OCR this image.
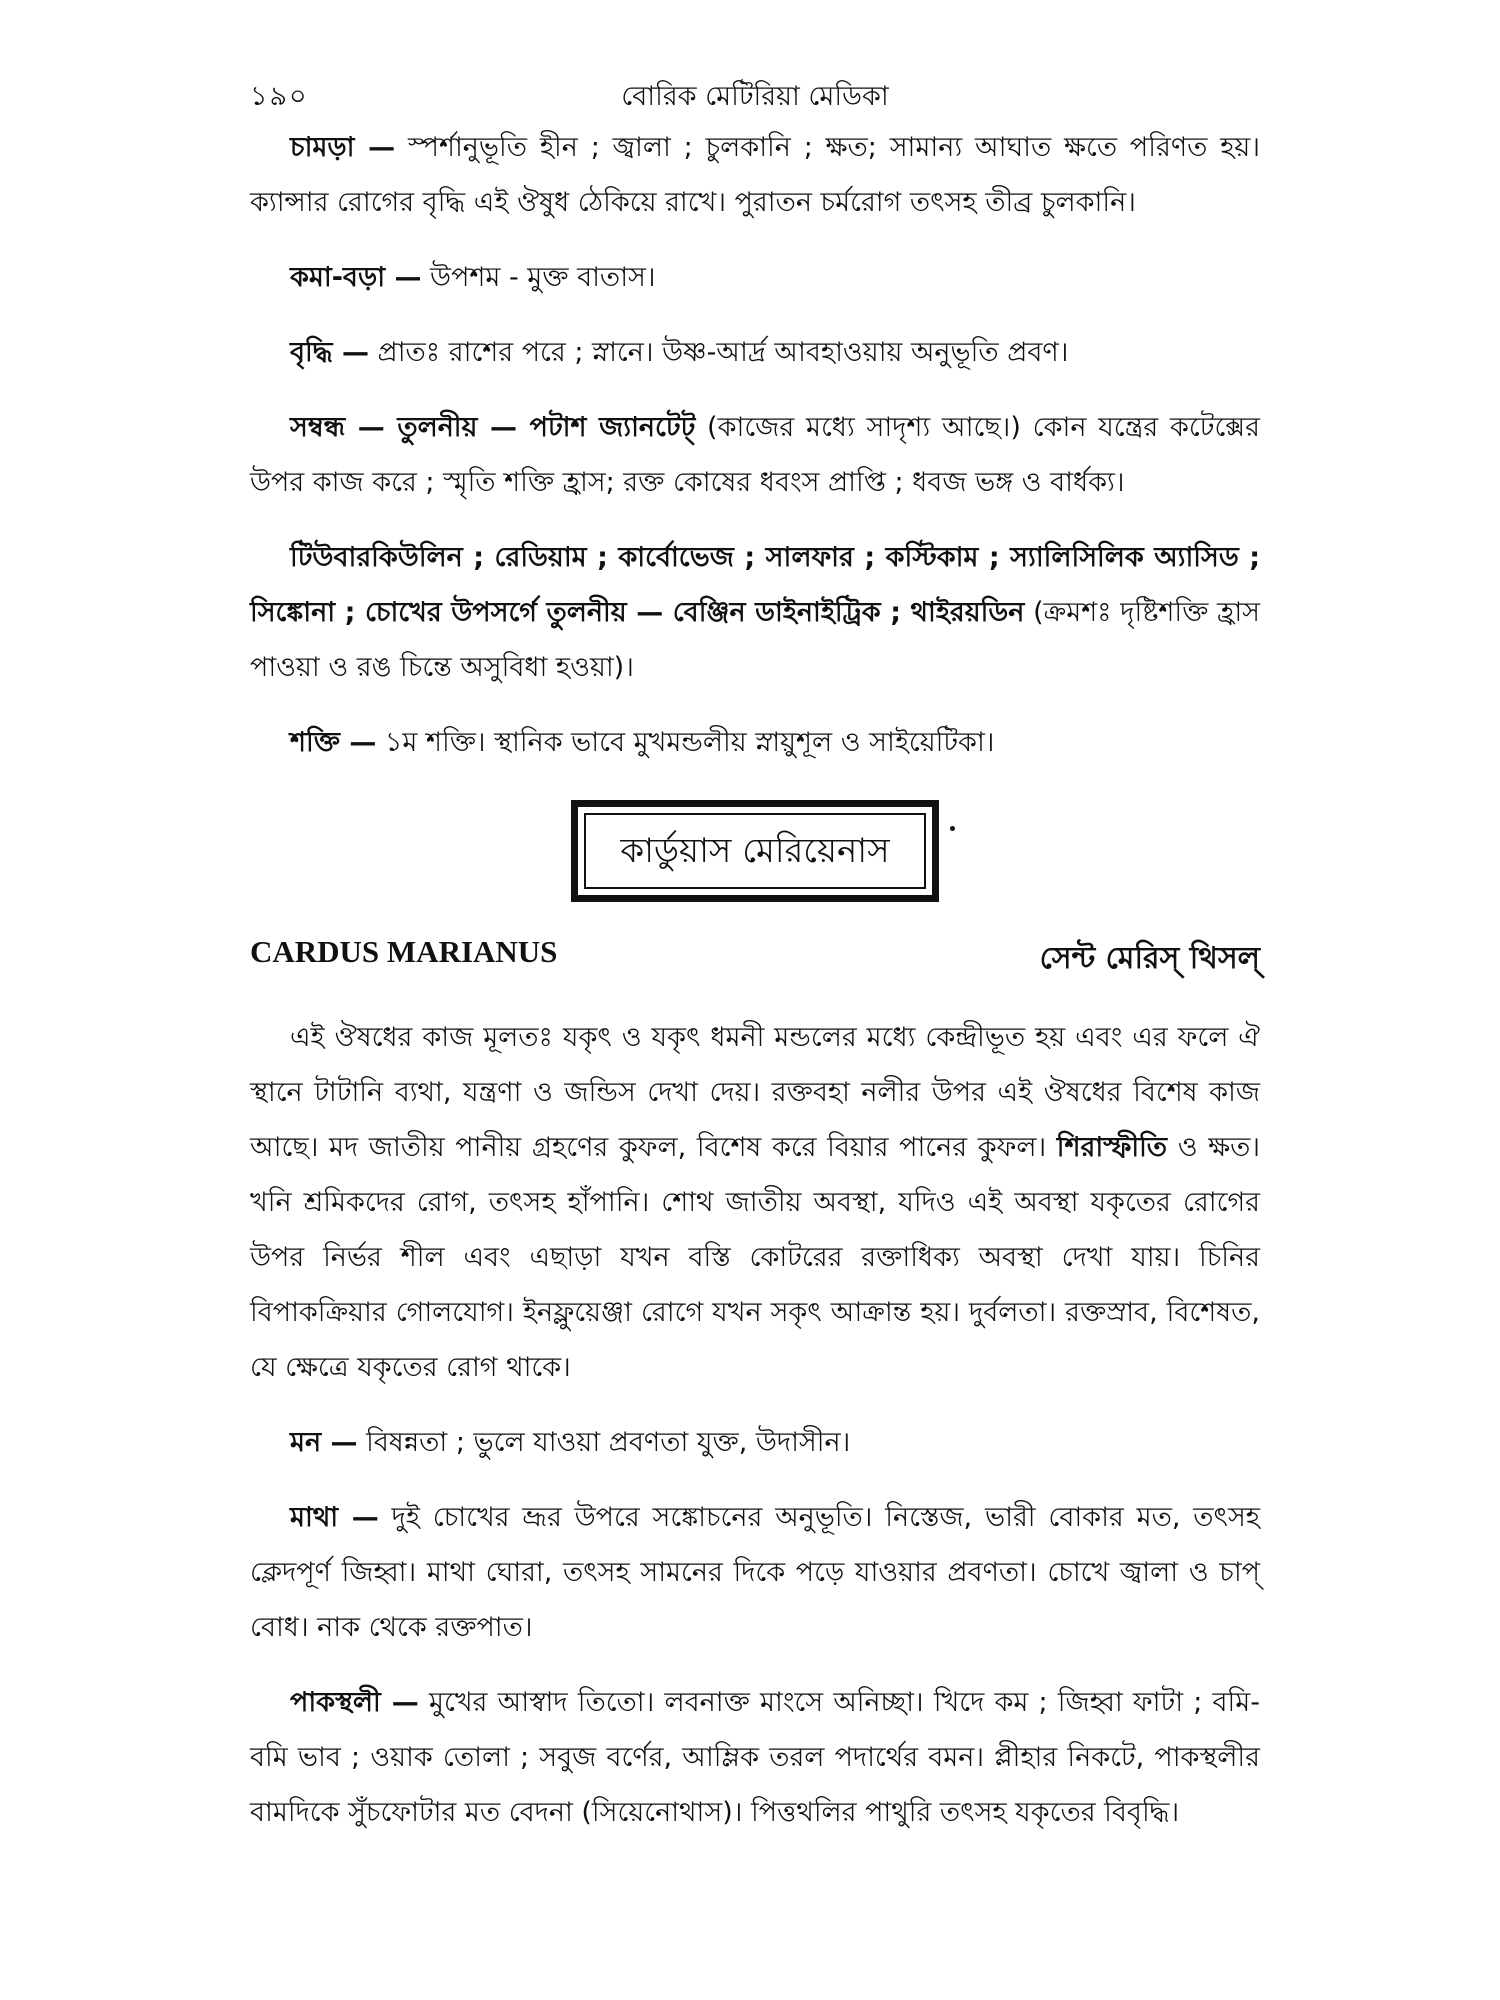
১৯০	বোরিক মেটিরিয়া মেডিকা

চামড়া — স্পর্শানুভূতি হীন ; জ্বালা ; চুলকানি ; ক্ষত; সামান্য আঘাত ক্ষতে পরিণত হয়। ক্যান্সার রোগের বৃদ্ধি এই ঔষুধ ঠেকিয়ে রাখে। পুরাতন চর্মরোগ তৎসহ তীব্র চুলকানি।

কমা-বড়া — উপশম - মুক্ত বাতাস।

বৃদ্ধি — প্রাতঃ রাশের পরে ; স্নানে। উষ্ণ-আর্দ্র আবহাওয়ায় অনুভূতি প্রবণ।

সম্বন্ধ — তুলনীয় — পটাশ জ্যানটেট্ (কাজের মধ্যে সাদৃশ্য আছে।) কোন যন্ত্রের কটেক্সের উপর কাজ করে ; স্মৃতি শক্তি হ্রাস; রক্ত কোষের ধবংস প্রাপ্তি ; ধবজ ভঙ্গ ও বার্ধক্য।

টিউবারকিউলিন ; রেডিয়াম ; কার্বোভেজ ; সালফার ; কস্টিকাম ; স্যালিসিলিক অ্যাসিড ; সিঙ্কোনা ; চোখের উপসর্গে তুলনীয় — বেঞ্জিন ডাইনাইট্রিক ; থাইরয়ডিন (ক্রমশঃ দৃষ্টিশক্তি হ্রাস পাওয়া ও রঙ চিন্তে অসুবিধা হওয়া)।

শক্তি — ১ম শক্তি। স্থানিক ভাবে মুখমন্ডলীয় স্নায়ুশূল ও সাইয়েটিকা।

কার্ডুয়াস মেরিয়েনাস
CARDUS MARIANUS	সেন্ট মেরিস্ থিসল্

এই ঔষধের কাজ মূলতঃ যকৃৎ ও যকৃৎ ধমনী মন্ডলের মধ্যে কেন্দ্রীভূত হয় এবং এর ফলে ঐ স্থানে টাটানি ব্যথা, যন্ত্রণা ও জন্ডিস দেখা দেয়। রক্তবহা নলীর উপর এই ঔষধের বিশেষ কাজ আছে। মদ জাতীয় পানীয় গ্রহণের কুফল, বিশেষ করে বিয়ার পানের কুফল। শিরাস্ফীতি ও ক্ষত। খনি শ্রমিকদের রোগ, তৎসহ হাঁপানি। শোথ জাতীয় অবস্থা, যদিও এই অবস্থা যকৃতের রোগের উপর নির্ভর শীল এবং এছাড়া যখন বস্তি কোটরের রক্তাধিক্য অবস্থা দেখা যায়। চিনির বিপাকক্রিয়ার গোলযোগ। ইনফ্লুয়েঞ্জা রোগে যখন সকৃৎ আক্রান্ত হয়। দুর্বলতা। রক্তস্রাব, বিশেষত, যে ক্ষেত্রে যকৃতের রোগ থাকে।

মন — বিষন্নতা ; ভুলে যাওয়া প্রবণতা যুক্ত, উদাসীন।

মাথা — দুই চোখের ভ্রূর উপরে সঙ্কোচনের অনুভূতি। নিস্তেজ, ভারী বোকার মত, তৎসহ ক্লেদপূর্ণ জিহ্বা। মাথা ঘোরা, তৎসহ সামনের দিকে পড়ে যাওয়ার প্রবণতা। চোখে জ্বালা ও চাপ্ বোধ। নাক থেকে রক্তপাত।

পাকস্থলী — মুখের আস্বাদ তিতো। লবনাক্ত মাংসে অনিচ্ছা। খিদে কম ; জিহ্বা ফাটা ; বমি-বমি ভাব ; ওয়াক তোলা ; সবুজ বর্ণের, আম্লিক তরল পদার্থের বমন। প্লীহার নিকটে, পাকস্থলীর বামদিকে সুঁচফোটার মত বেদনা (সিয়েনোথাস)। পিত্তথলির পাথুরি তৎসহ যকৃতের বিবৃদ্ধি।
